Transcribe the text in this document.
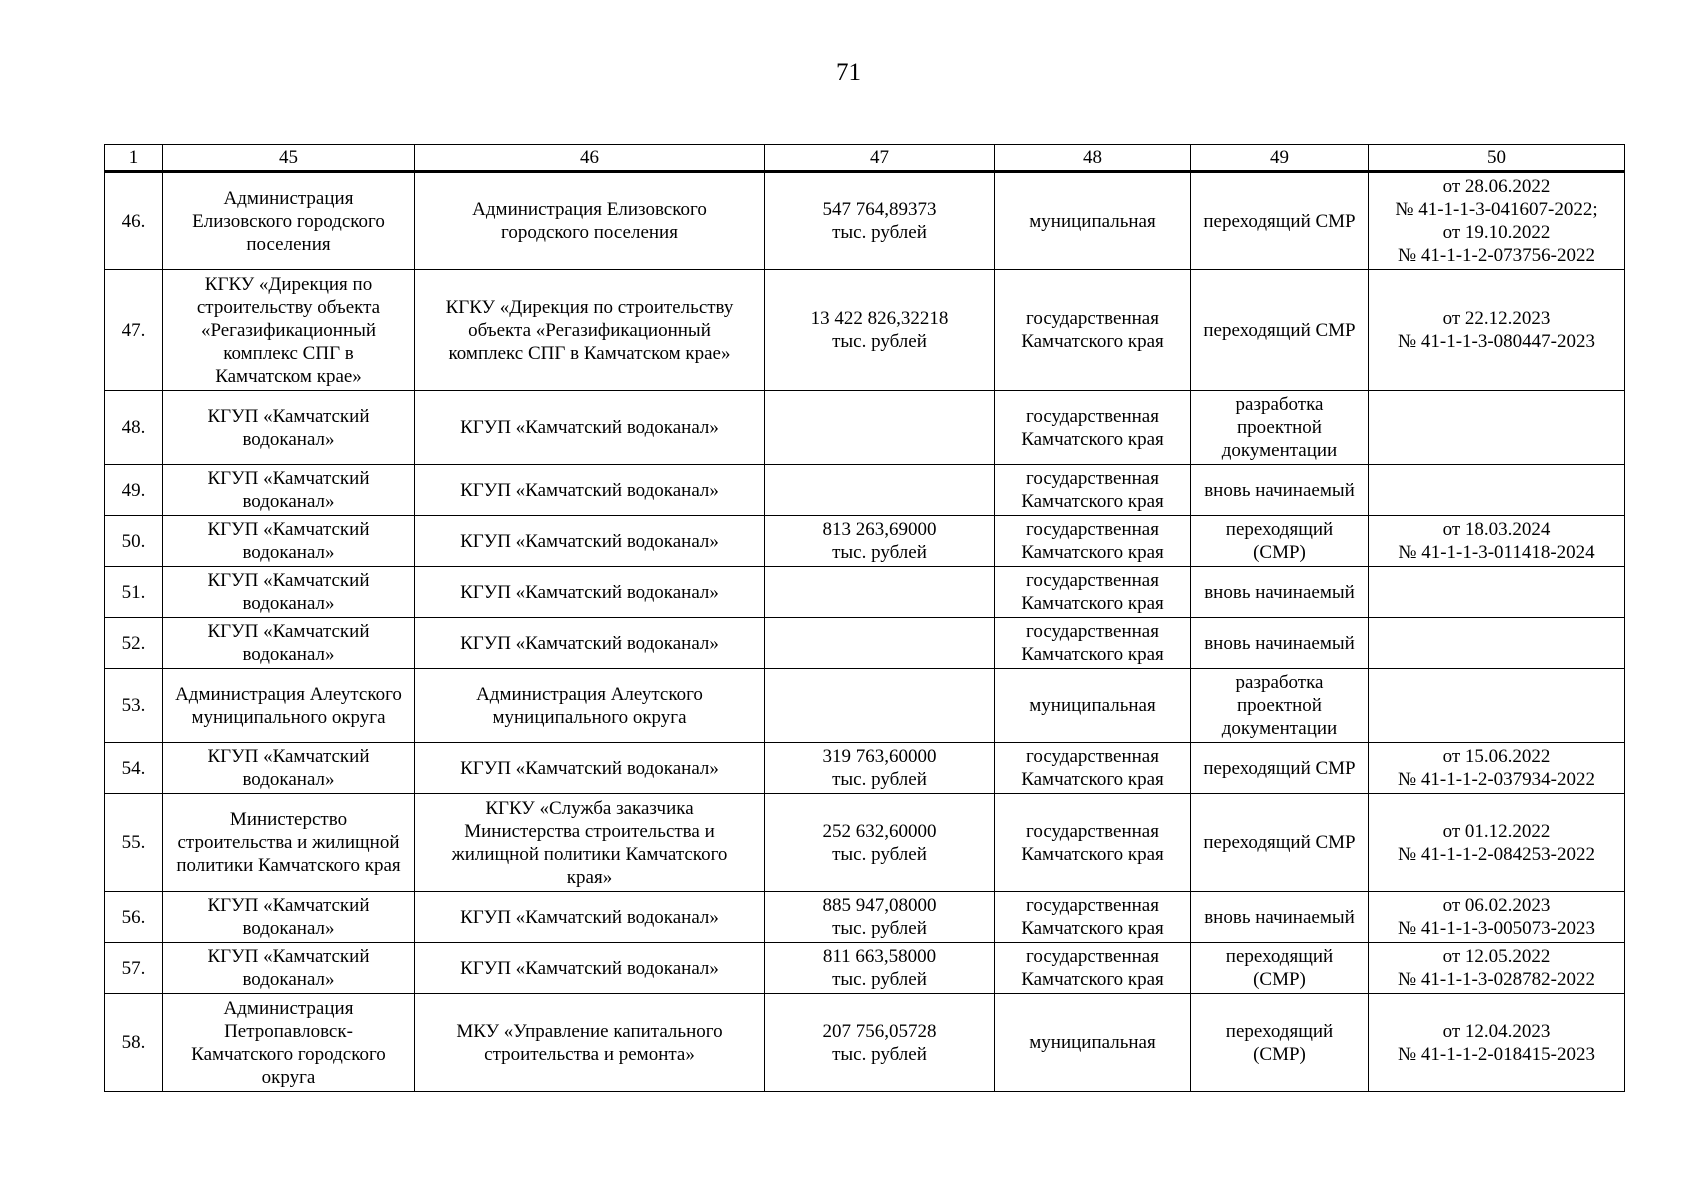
71
1	45	46	47	48	49	50

46.	Администрация
Елизовского городского
поселения	Администрация Елизовского
городского поселения	547 764,89373
тыс. рублей	муниципальная	переходящий СМР	от 28.06.2022
№ 41-1-1-3-041607-2022;
от 19.10.2022
№ 41-1-1-2-073756-2022

47.	КГКУ «Дирекция по
строительству объекта
«Регазификационный
комплекс СПГ в
Камчатском крае»	КГКУ «Дирекция по строительству
объекта «Регазификационный
комплекс СПГ в Камчатском крае»	13 422 826,32218
тыс. рублей	государственная
Камчатского края	переходящий СМР	от 22.12.2023
№ 41-1-1-3-080447-2023

48.	КГУП «Камчатский
водоканал»	КГУП «Камчатский водоканал»		государственная
Камчатского края	разработка
проектной
документации	

49.	КГУП «Камчатский
водоканал»	КГУП «Камчатский водоканал»		государственная
Камчатского края	вновь начинаемый	

50.	КГУП «Камчатский
водоканал»	КГУП «Камчатский водоканал»	813 263,69000
тыс. рублей	государственная
Камчатского края	переходящий
(СМР)	от 18.03.2024
№ 41-1-1-3-011418-2024

51.	КГУП «Камчатский
водоканал»	КГУП «Камчатский водоканал»		государственная
Камчатского края	вновь начинаемый	

52.	КГУП «Камчатский
водоканал»	КГУП «Камчатский водоканал»		государственная
Камчатского края	вновь начинаемый	

53.	Администрация Алеутского
муниципального округа	Администрация Алеутского
муниципального округа		муниципальная	разработка
проектной
документации	

54.	КГУП «Камчатский
водоканал»	КГУП «Камчатский водоканал»	319 763,60000
тыс. рублей	государственная
Камчатского края	переходящий СМР	от 15.06.2022
№ 41-1-1-2-037934-2022

55.	Министерство
строительства и жилищной
политики Камчатского края	КГКУ «Служба заказчика
Министерства строительства и
жилищной политики Камчатского
края»	252 632,60000
тыс. рублей	государственная
Камчатского края	переходящий СМР	от 01.12.2022
№ 41-1-1-2-084253-2022

56.	КГУП «Камчатский
водоканал»	КГУП «Камчатский водоканал»	885 947,08000
тыс. рублей	государственная
Камчатского края	вновь начинаемый	от 06.02.2023
№ 41-1-1-3-005073-2023

57.	КГУП «Камчатский
водоканал»	КГУП «Камчатский водоканал»	811 663,58000
тыс. рублей	государственная
Камчатского края	переходящий
(СМР)	от 12.05.2022
№ 41-1-1-3-028782-2022

58.	Администрация
Петропавловск-
Камчатского городского
округа	МКУ «Управление капитального
строительства и ремонта»	207 756,05728
тыс. рублей	муниципальная	переходящий
(СМР)	от 12.04.2023
№ 41-1-1-2-018415-2023
